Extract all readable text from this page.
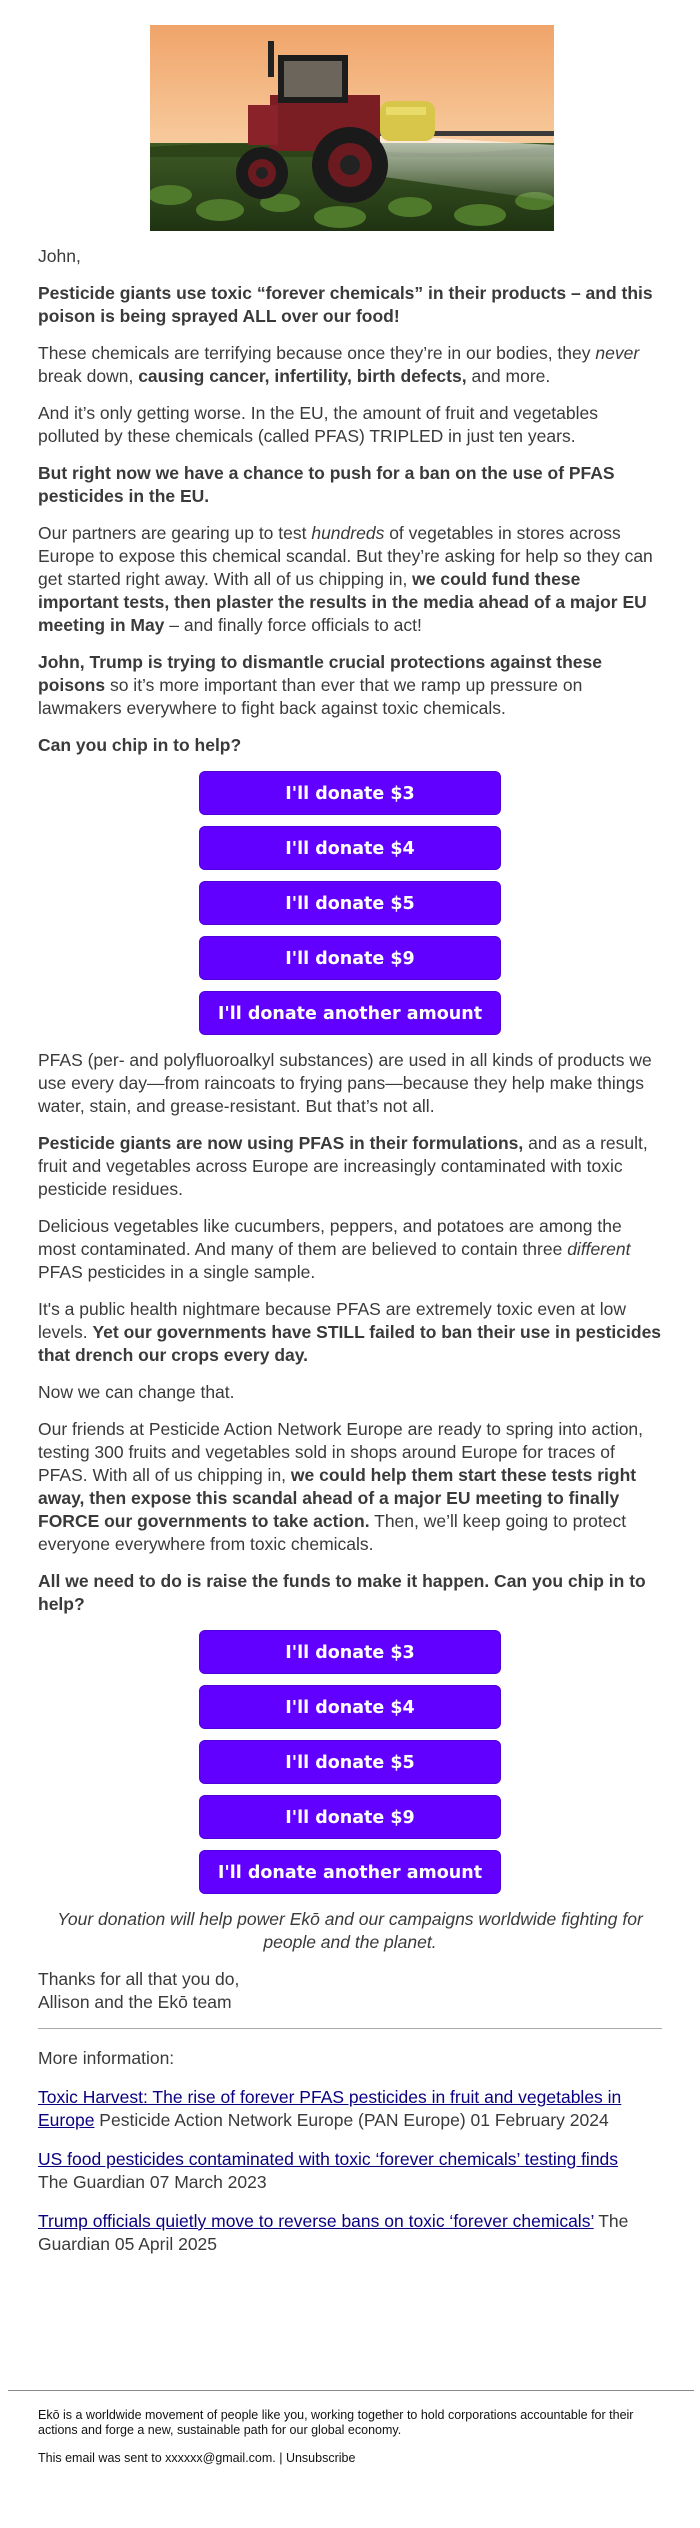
John,

Pesticide giants use toxic “forever chemicals” in their products – and this poison is being sprayed ALL over our food!

These chemicals are terrifying because once they’re in our bodies, they never break down, causing cancer, infertility, birth defects, and more.

And it’s only getting worse. In the EU, the amount of fruit and vegetables polluted by these chemicals (called PFAS) TRIPLED in just ten years.

But right now we have a chance to push for a ban on the use of PFAS pesticides in the EU.

Our partners are gearing up to test hundreds of vegetables in stores across Europe to expose this chemical scandal. But they’re asking for help so they can get started right away. With all of us chipping in, we could fund these important tests, then plaster the results in the media ahead of a major EU meeting in May – and finally force officials to act!

John, Trump is trying to dismantle crucial protections against these poisons so it’s more important than ever that we ramp up pressure on lawmakers everywhere to fight back against toxic chemicals.

Can you chip in to help?

I'll donate $3
I'll donate $4
I'll donate $5
I'll donate $9
I'll donate another amount

PFAS (per- and polyfluoroalkyl substances) are used in all kinds of products we use every day—from raincoats to frying pans—because they help make things water, stain, and grease-resistant. But that’s not all.

Pesticide giants are now using PFAS in their formulations, and as a result, fruit and vegetables across Europe are increasingly contaminated with toxic pesticide residues.

Delicious vegetables like cucumbers, peppers, and potatoes are among the most contaminated. And many of them are believed to contain three different PFAS pesticides in a single sample.

It's a public health nightmare because PFAS are extremely toxic even at low levels. Yet our governments have STILL failed to ban their use in pesticides that drench our crops every day.

Now we can change that.

Our friends at Pesticide Action Network Europe are ready to spring into action, testing 300 fruits and vegetables sold in shops around Europe for traces of PFAS. With all of us chipping in, we could help them start these tests right away, then expose this scandal ahead of a major EU meeting to finally FORCE our governments to take action. Then, we’ll keep going to protect everyone everywhere from toxic chemicals.

All we need to do is raise the funds to make it happen. Can you chip in to help?

I'll donate $3
I'll donate $4
I'll donate $5
I'll donate $9
I'll donate another amount

Your donation will help power Ekō and our campaigns worldwide fighting for people and the planet.

Thanks for all that you do,
Allison and the Ekō team

More information:

Toxic Harvest: The rise of forever PFAS pesticides in fruit and vegetables in Europe Pesticide Action Network Europe (PAN Europe) 01 February 2024

US food pesticides contaminated with toxic ‘forever chemicals’ testing finds
The Guardian 07 March 2023

Trump officials quietly move to reverse bans on toxic ‘forever chemicals’ The Guardian 05 April 2025

Ekō is a worldwide movement of people like you, working together to hold corporations accountable for their actions and forge a new, sustainable path for our global economy.

This email was sent to xxxxxx@gmail.com. | Unsubscribe
